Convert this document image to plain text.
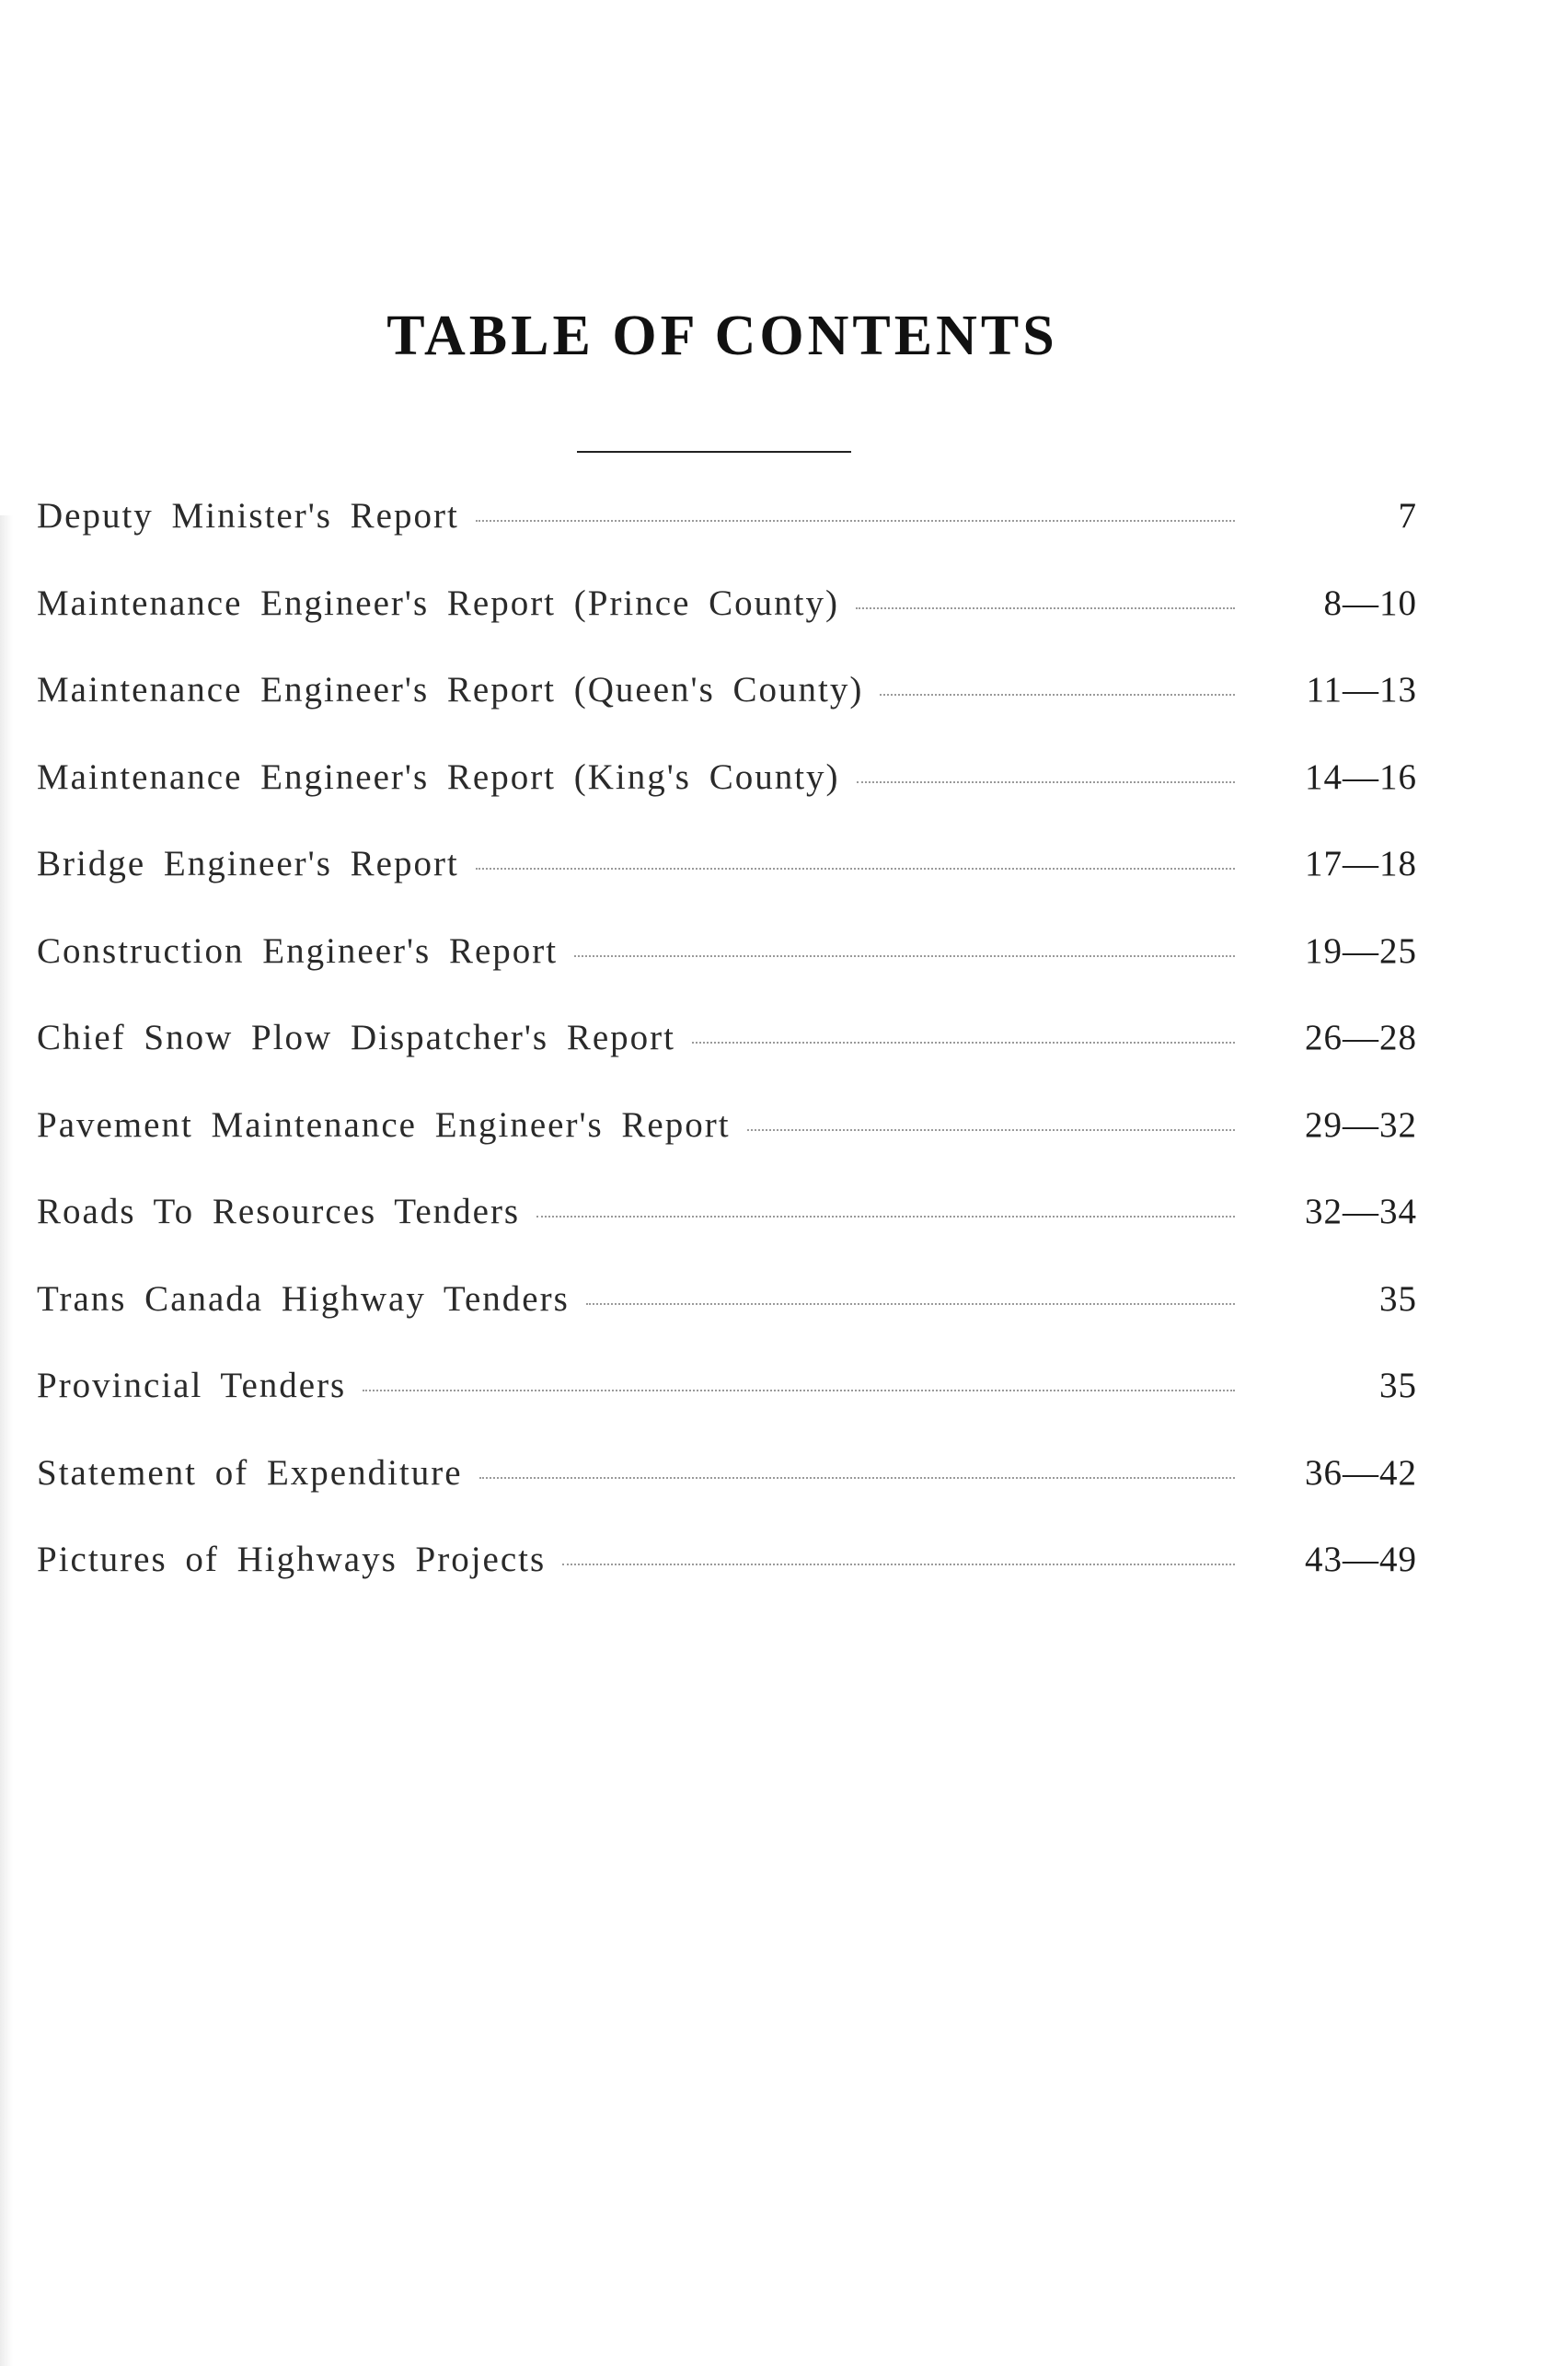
TABLE OF CONTENTS
Deputy Minister's Report	7
Maintenance Engineer's Report (Prince County)	8—10
Maintenance Engineer's Report (Queen's County)	11—13
Maintenance Engineer's Report (King's County)	14—16
Bridge Engineer's Report	17—18
Construction Engineer's Report	19—25
Chief Snow Plow Dispatcher's Report	26—28
Pavement Maintenance Engineer's Report	29—32
Roads To Resources Tenders	32—34
Trans Canada Highway Tenders	35
Provincial Tenders	35
Statement of Expenditure	36—42
Pictures of Highways Projects	43—49
